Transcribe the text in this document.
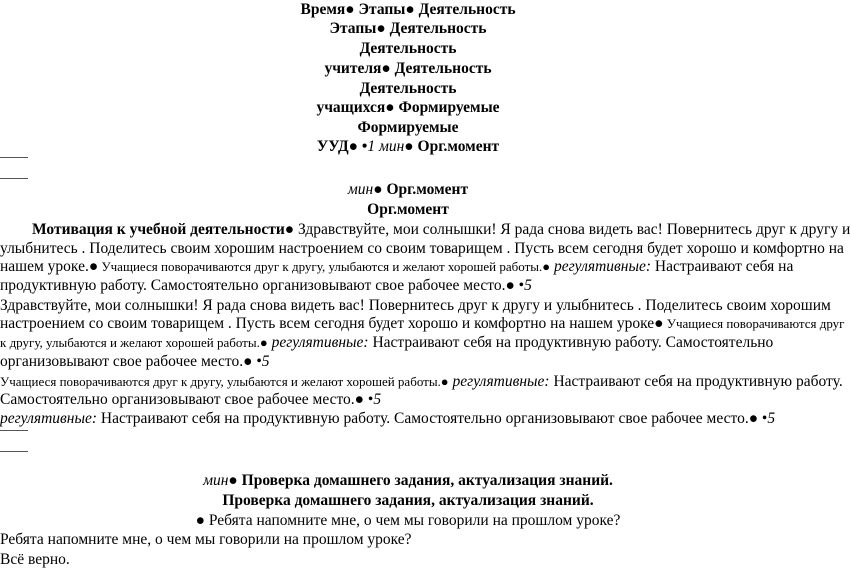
Время● Этапы● Деятельность
Этапы● Деятельность
Деятельность
учителя● Деятельность
Деятельность
учащихся● Формируемые
Формируемые
УУД● •1 мин● Орг.момент
мин● Орг.момент
Орг.момент
Мотивация к учебной деятельности● Здравствуйте, мои солнышки! Я рада снова видеть вас! Повернитесь друг к другу и
улыбнитесь . Поделитесь своим хорошим настроением со своим товарищем . Пусть всем сегодня будет хорошо и комфортно на
нашем уроке.● Учащиеся поворачиваются друг к другу, улыбаются и желают хорошей работы.● регулятивные: Настраивают себя на
продуктивную работу. Самостоятельно организовывают свое рабочее место.● •5
Здравствуйте, мои солнышки! Я рада снова видеть вас! Повернитесь друг к другу и улыбнитесь . Поделитесь своим хорошим
настроением со своим товарищем . Пусть всем сегодня будет хорошо и комфортно на нашем уроке● Учащиеся поворачиваются друг
к другу, улыбаются и желают хорошей работы.● регулятивные: Настраивают себя на продуктивную работу. Самостоятельно
организовывают свое рабочее место.● •5
Учащиеся поворачиваются друг к другу, улыбаются и желают хорошей работы.● регулятивные: Настраивают себя на продуктивную работу.
Самостоятельно организовывают свое рабочее место.● •5
регулятивные: Настраивают себя на продуктивную работу. Самостоятельно организовывают свое рабочее место.● •5
мин● Проверка домашнего задания, актуализация знаний.
Проверка домашнего задания, актуализация знаний.
● Ребята напомните мне, о чем мы говорили на прошлом уроке?
Ребята напомните мне, о чем мы говорили на прошлом уроке?
Всё верно.
